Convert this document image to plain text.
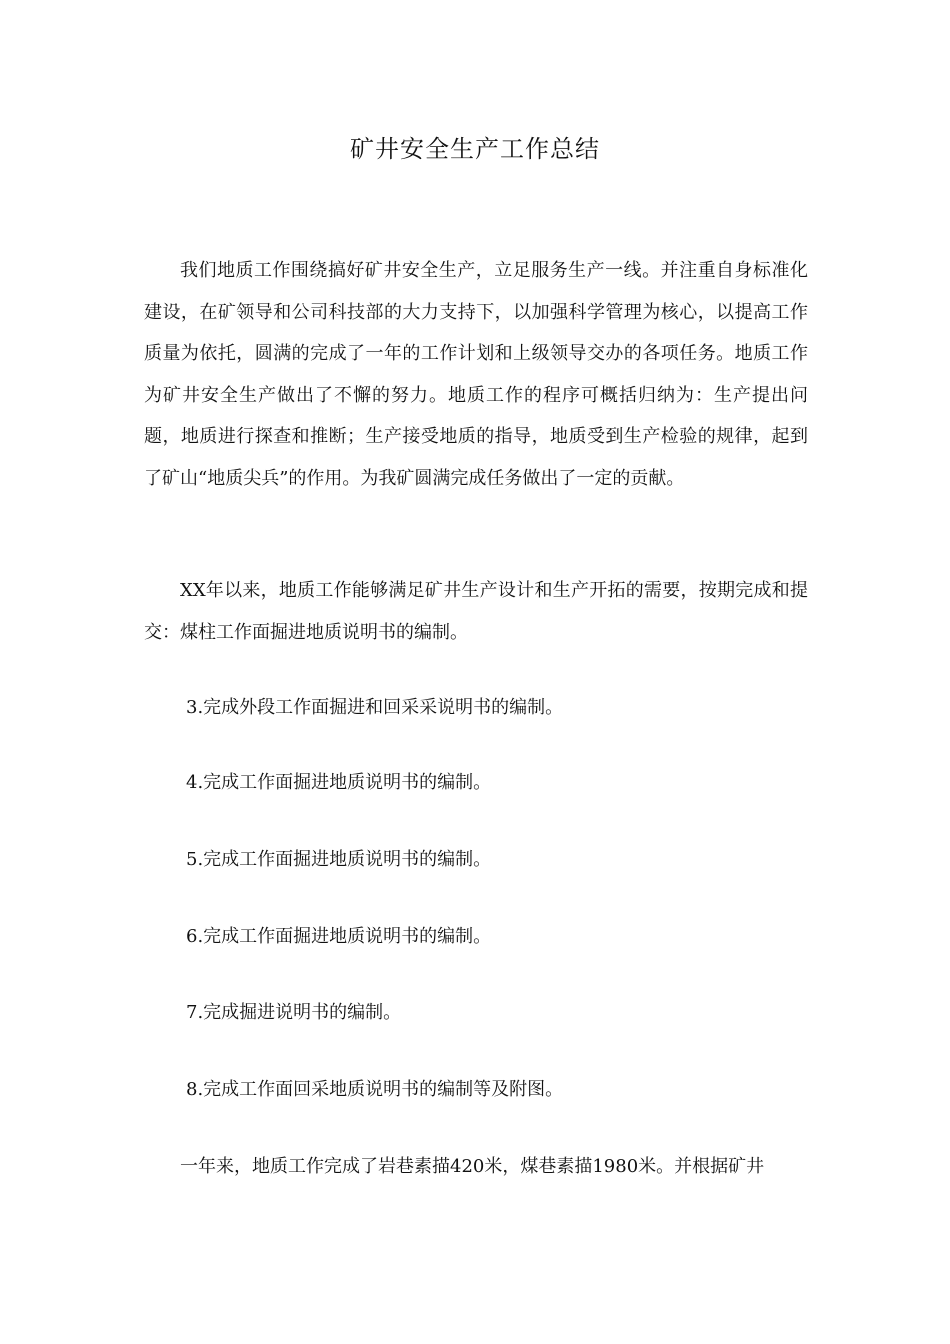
矿井安全生产工作总结

我们地质工作围绕搞好矿井安全生产，立足服务生产一线。并注重自身标准化建设，在矿领导和公司科技部的大力支持下，以加强科学管理为核心，以提高工作质量为依托，圆满的完成了一年的工作计划和上级领导交办的各项任务。地质工作为矿井安全生产做出了不懈的努力。地质工作的程序可概括归纳为：生产提出问题，地质进行探查和推断；生产接受地质的指导，地质受到生产检验的规律，起到了矿山“地质尖兵”的作用。为我矿圆满完成任务做出了一定的贡献。

XX年以来，地质工作能够满足矿井生产设计和生产开拓的需要，按期完成和提交：煤柱工作面掘进地质说明书的编制。

3.完成外段工作面掘进和回采采说明书的编制。

4.完成工作面掘进地质说明书的编制。

5.完成工作面掘进地质说明书的编制。

6.完成工作面掘进地质说明书的编制。

7.完成掘进说明书的编制。

8.完成工作面回采地质说明书的编制等及附图。

一年来，地质工作完成了岩巷素描420米，煤巷素描1980米。并根据矿井
